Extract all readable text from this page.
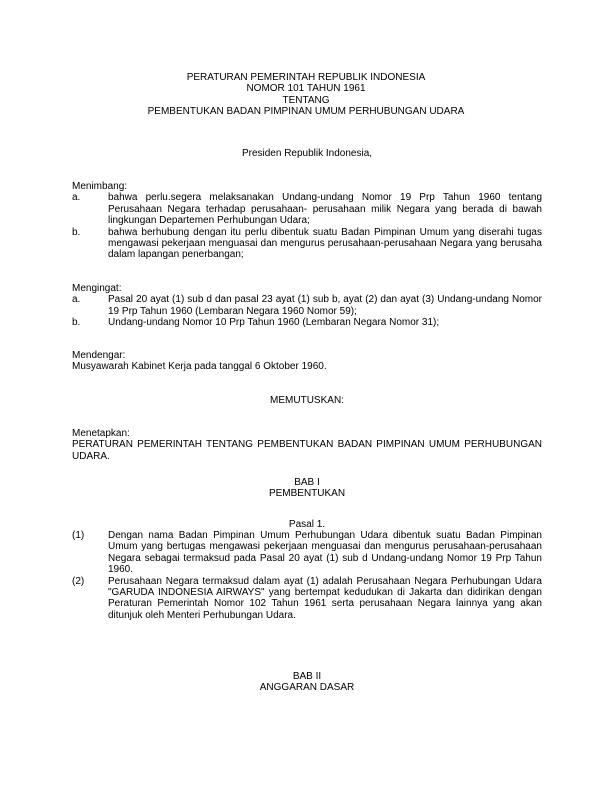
PERATURAN PEMERINTAH REPUBLIK INDONESIA
NOMOR 101 TAHUN 1961
TENTANG
PEMBENTUKAN BADAN PIMPINAN UMUM PERHUBUNGAN UDARA
Presiden Republik Indonesia,
Menimbang:
a.	bahwa perlu.segera melaksanakan Undang-undang Nomor 19 Prp Tahun 1960 tentang Perusahaan Negara terhadap perusahaan- perusahaan milik Negara yang berada di bawah lingkungan Departemen Perhubungan Udara;
b.	bahwa berhubung dengan itu perlu dibentuk suatu Badan Pimpinan Umum yang diserahi tugas mengawasi pekerjaan menguasai dan mengurus perusahaan-perusahaan Negara yang berusaha dalam lapangan penerbangan;
Mengingat:
a.	Pasal 20 ayat (1) sub d dan pasal 23 ayat (1) sub b, ayat (2) dan ayat (3) Undang-undang Nomor 19 Prp Tahun 1960 (Lembaran Negara 1960 Nomor 59);
b.	Undang-undang Nomor 10 Prp Tahun 1960 (Lembaran Negara Nomor 31);
Mendengar:
Musyawarah Kabinet Kerja pada tanggal 6 Oktober 1960.
MEMUTUSKAN:
Menetapkan:
PERATURAN PEMERINTAH TENTANG PEMBENTUKAN BADAN PIMPINAN UMUM PERHUBUNGAN UDARA.
BAB I
PEMBENTUKAN
Pasal 1.
(1)	Dengan nama Badan Pimpinan Umum Perhubungan Udara dibentuk suatu Badan Pimpinan Umum yang bertugas mengawasi pekerjaan menguasai dan mengurus perusahaan-perusahaan Negara sebagai termaksud pada Pasal 20 ayat (1) sub d Undang-undang Nomor 19 Prp Tahun 1960.
(2)	Perusahaan Negara termaksud dalam ayat (1) adalah Perusahaan Negara Perhubungan Udara "GARUDA INDONESIA AIRWAYS" yang bertempat kedudukan di Jakarta dan didirikan dengan Peraturan Pemerintah Nomor 102 Tahun 1961 serta perusahaan Negara lainnya yang akan ditunjuk oleh Menteri Perhubungan Udara.
BAB II
ANGGARAN DASAR
